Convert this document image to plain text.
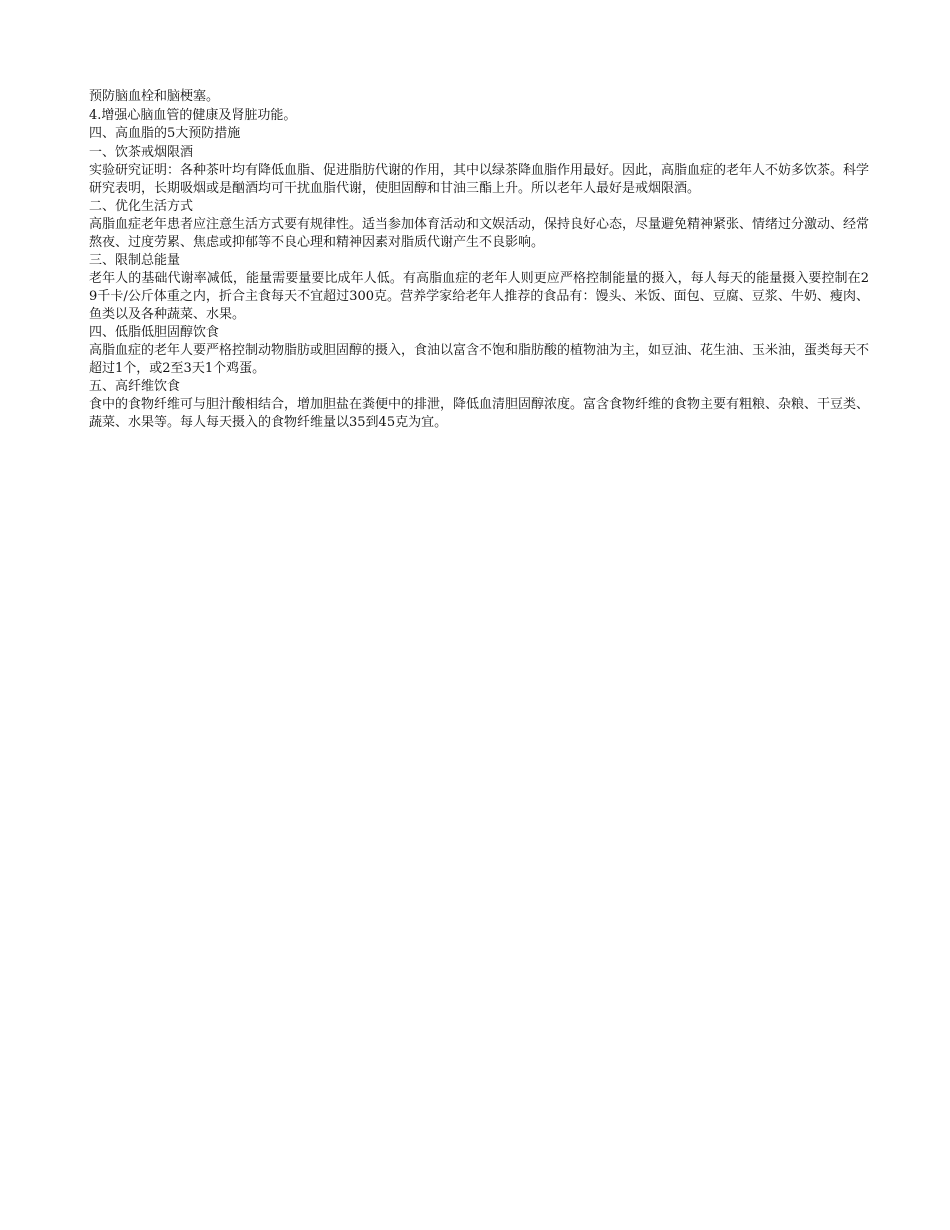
预防脑血栓和脑梗塞。

4.增强心脑血管的健康及肾脏功能。

四、高血脂的5大预防措施

一、饮茶戒烟限酒

实验研究证明：各种茶叶均有降低血脂、促进脂肪代谢的作用，其中以绿茶降血脂作用最好。因此，高脂血症的老年人不妨多饮茶。科学研究表明，长期吸烟或是酗酒均可干扰血脂代谢，使胆固醇和甘油三酯上升。所以老年人最好是戒烟限酒。

二、优化生活方式

高脂血症老年患者应注意生活方式要有规律性。适当参加体育活动和文娱活动，保持良好心态，尽量避免精神紧张、情绪过分激动、经常熬夜、过度劳累、焦虑或抑郁等不良心理和精神因素对脂质代谢产生不良影响。

三、限制总能量

老年人的基础代谢率减低，能量需要量要比成年人低。有高脂血症的老年人则更应严格控制能量的摄入，每人每天的能量摄入要控制在29千卡/公斤体重之内，折合主食每天不宜超过300克。营养学家给老年人推荐的食品有：馒头、米饭、面包、豆腐、豆浆、牛奶、瘦肉、鱼类以及各种蔬菜、水果。

四、低脂低胆固醇饮食

高脂血症的老年人要严格控制动物脂肪或胆固醇的摄入，食油以富含不饱和脂肪酸的植物油为主，如豆油、花生油、玉米油，蛋类每天不超过1个，或2至3天1个鸡蛋。

五、高纤维饮食

食中的食物纤维可与胆汁酸相结合，增加胆盐在粪便中的排泄，降低血清胆固醇浓度。富含食物纤维的食物主要有粗粮、杂粮、干豆类、蔬菜、水果等。每人每天摄入的食物纤维量以35到45克为宜。
